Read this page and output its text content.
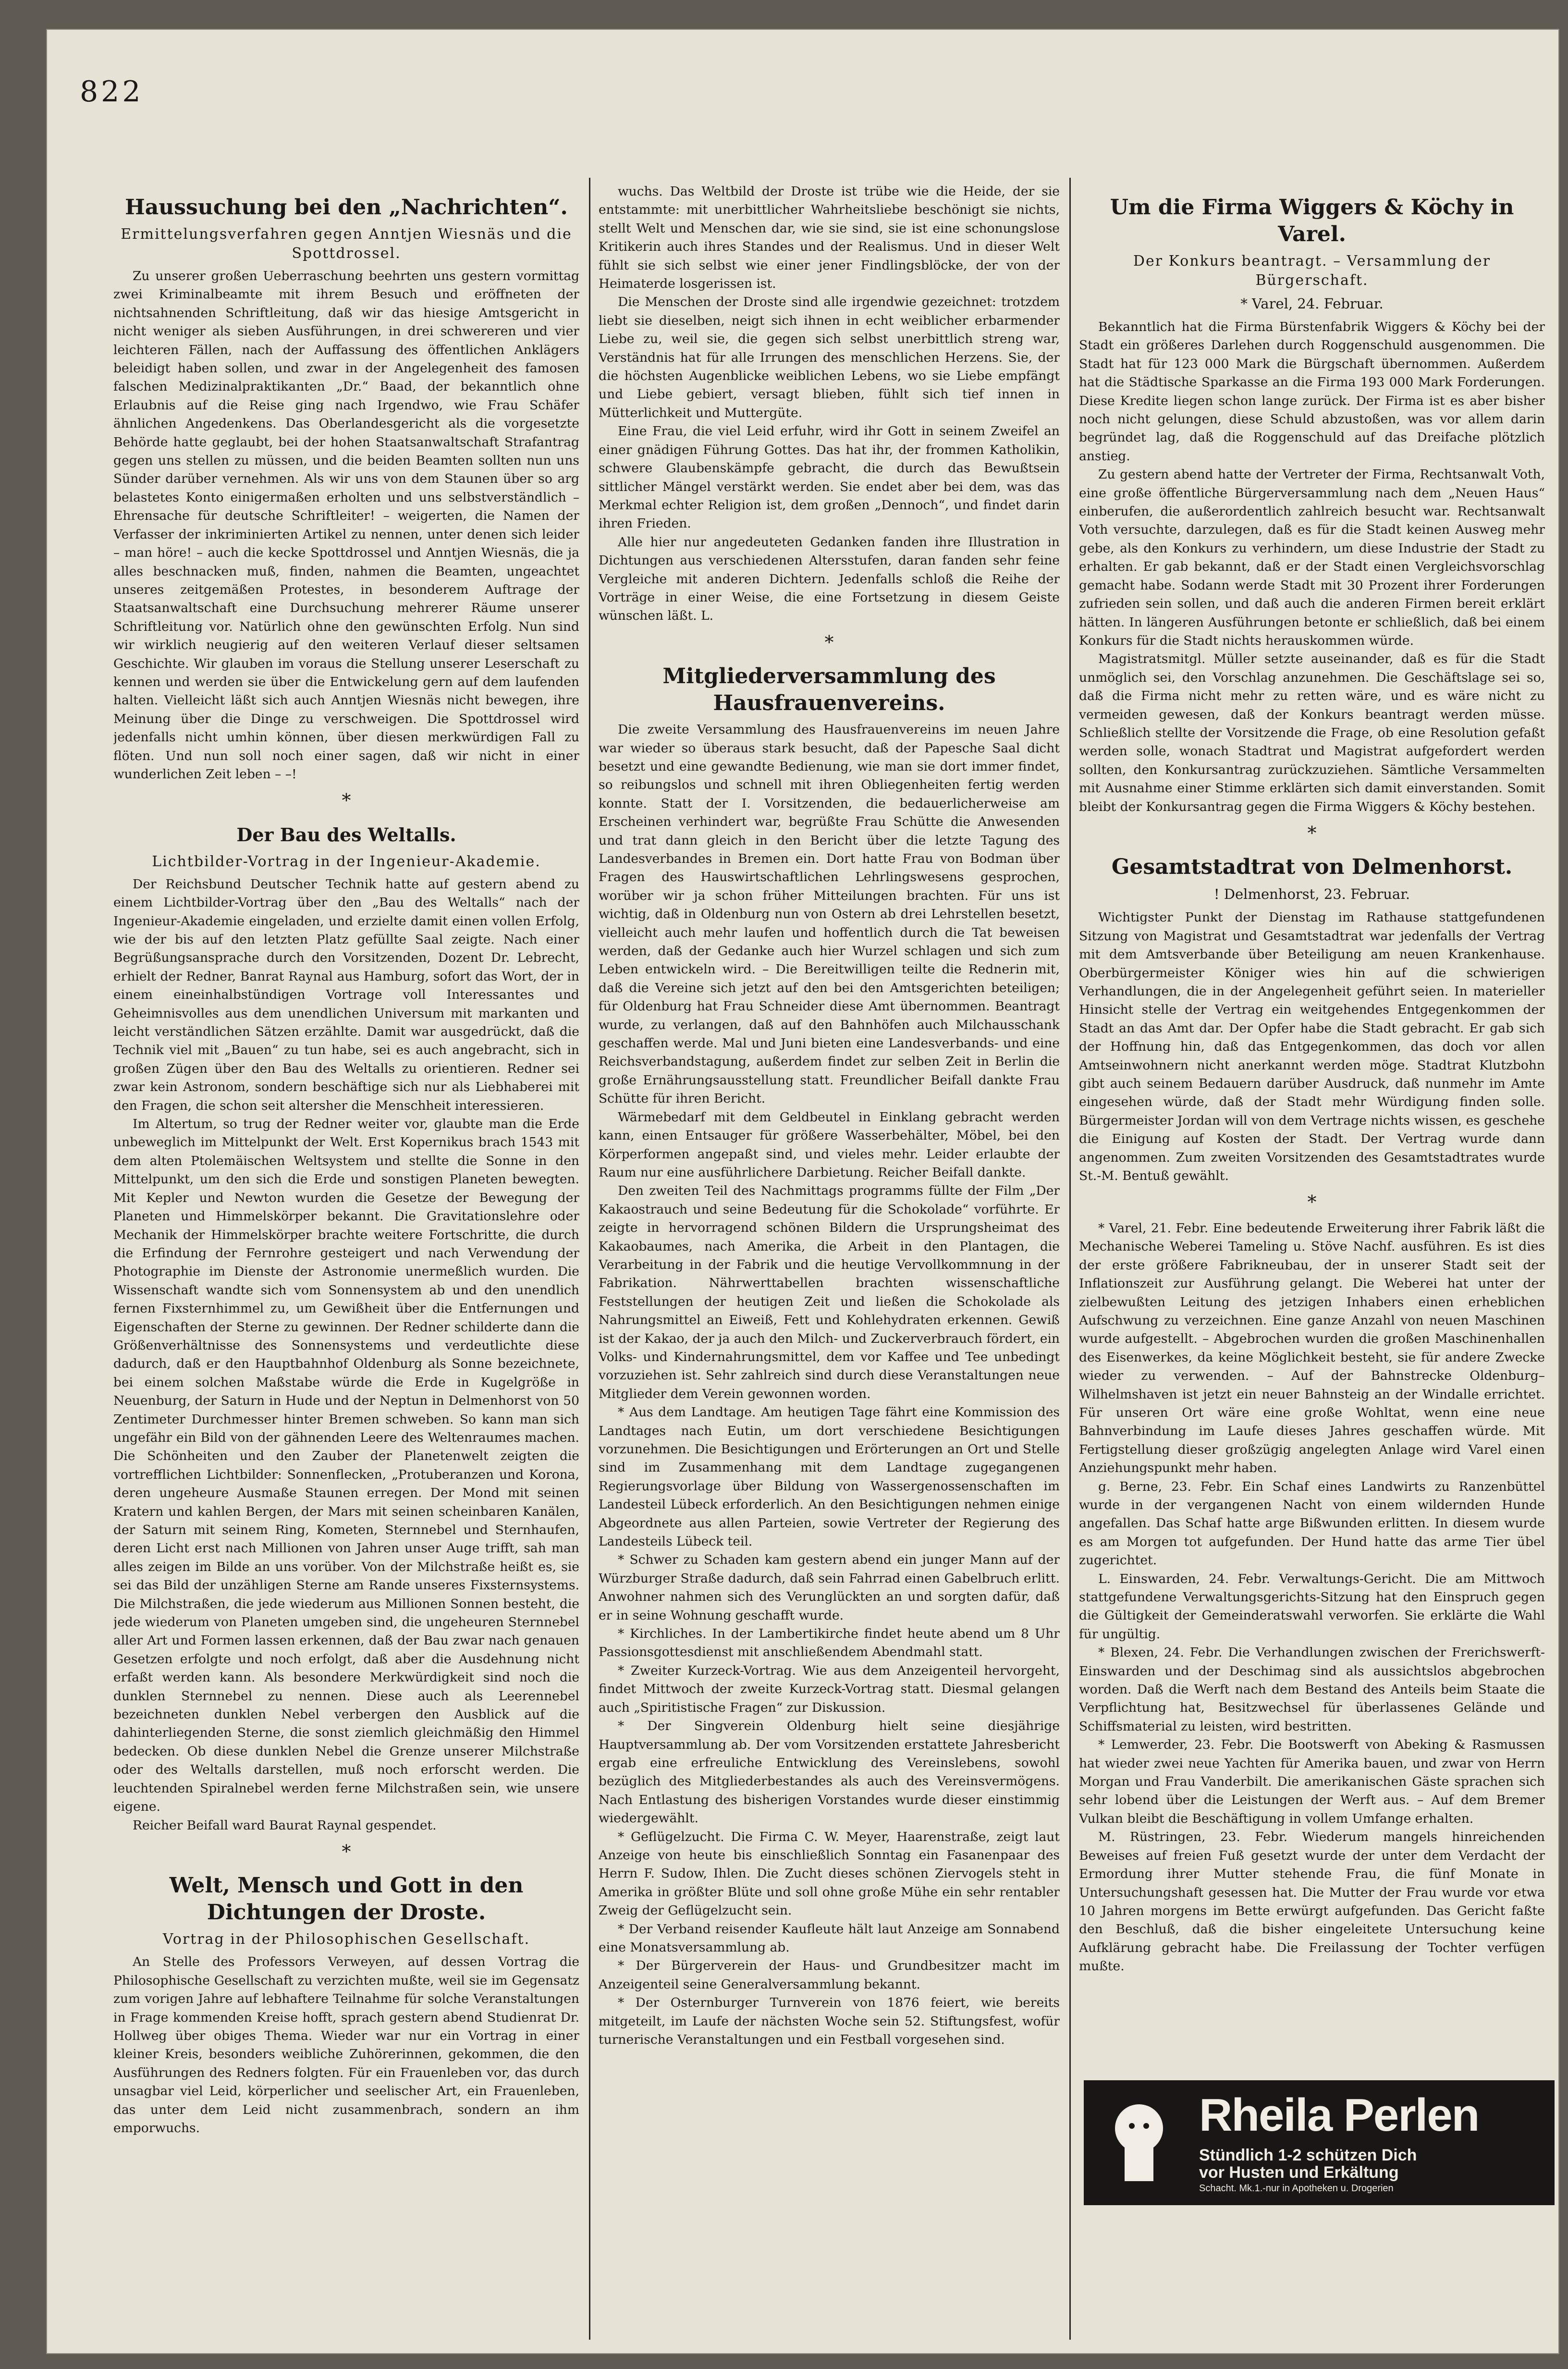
822
Haussuchung bei den „Nachrichten“.
Ermittelungsverfahren gegen Anntjen Wiesnäs und die Spottdrossel.

Zu unserer großen Ueberraschung beehrten uns gestern vormittag zwei Kriminalbeamte mit ihrem Besuch und eröffneten der nichtsahnenden Schriftleitung, daß wir das hiesige Amtsgericht in nicht weniger als sieben Ausführungen, in drei schwereren und vier leichteren Fällen, nach der Auffassung des öffentlichen Anklägers beleidigt haben sollen, und zwar in der Angelegenheit des famosen falschen Medizinalpraktikanten „Dr.“ Baad, der bekanntlich ohne Erlaubnis auf die Reise ging nach Irgendwo, wie Frau Schäfer ähnlichen Angedenkens. Das Oberlandesgericht als die vorgesetzte Behörde hatte geglaubt, bei der hohen Staatsanwaltschaft Strafantrag gegen uns stellen zu müssen, und die beiden Beamten sollten nun uns Sünder darüber vernehmen. Als wir uns von dem Staunen über so arg belastetes Konto einigermaßen erholten und uns selbstverständlich – Ehrensache für deutsche Schriftleiter! – weigerten, die Namen der Verfasser der inkriminierten Artikel zu nennen, unter denen sich leider – man höre! – auch die kecke Spottdrossel und Anntjen Wiesnäs, die ja alles beschnacken muß, finden, nahmen die Beamten, ungeachtet unseres zeitgemäßen Protestes, in besonderem Auftrage der Staatsanwaltschaft eine Durchsuchung mehrerer Räume unserer Schriftleitung vor. Natürlich ohne den gewünschten Erfolg. Nun sind wir wirklich neugierig auf den weiteren Verlauf dieser seltsamen Geschichte. Wir glauben im voraus die Stellung unserer Leserschaft zu kennen und werden sie über die Entwickelung gern auf dem laufenden halten. Vielleicht läßt sich auch Anntjen Wiesnäs nicht bewegen, ihre Meinung über die Dinge zu verschweigen. Die Spottdrossel wird jedenfalls nicht umhin können, über diesen merkwürdigen Fall zu flöten. Und nun soll noch einer sagen, daß wir nicht in einer wunderlichen Zeit leben – –!

*
Der Bau des Weltalls.
Lichtbilder-Vortrag in der Ingenieur-Akademie.

Der Reichsbund Deutscher Technik hatte auf gestern abend zu einem Lichtbilder-Vortrag über den „Bau des Weltalls“ nach der Ingenieur-Akademie eingeladen, und erzielte damit einen vollen Erfolg, wie der bis auf den letzten Platz gefüllte Saal zeigte. Nach einer Begrüßungsansprache durch den Vorsitzenden, Dozent Dr. Lebrecht, erhielt der Redner, Banrat Raynal aus Hamburg, sofort das Wort, der in einem eineinhalbstündigen Vortrage voll Interessantes und Geheimnisvolles aus dem unendlichen Universum mit markanten und leicht verständlichen Sätzen erzählte. Damit war ausgedrückt, daß die Technik viel mit „Bauen“ zu tun habe, sei es auch angebracht, sich in großen Zügen über den Bau des Weltalls zu orientieren. Redner sei zwar kein Astronom, sondern beschäftige sich nur als Liebhaberei mit den Fragen, die schon seit altersher die Menschheit interessieren.

Im Altertum, so trug der Redner weiter vor, glaubte man die Erde unbeweglich im Mittelpunkt der Welt. Erst Kopernikus brach 1543 mit dem alten Ptolemäischen Weltsystem und stellte die Sonne in den Mittelpunkt, um den sich die Erde und sonstigen Planeten bewegten. Mit Kepler und Newton wurden die Gesetze der Bewegung der Planeten und Himmelskörper bekannt. Die Gravitationslehre oder Mechanik der Himmelskörper brachte weitere Fortschritte, die durch die Erfindung der Fernrohre gesteigert und nach Verwendung der Photographie im Dienste der Astronomie unermeßlich wurden. Die Wissenschaft wandte sich vom Sonnensystem ab und den unendlich fernen Fixsternhimmel zu, um Gewißheit über die Entfernungen und Eigenschaften der Sterne zu gewinnen. Der Redner schilderte dann die Größenverhältnisse des Sonnensystems und verdeutlichte diese dadurch, daß er den Hauptbahnhof Oldenburg als Sonne bezeichnete, bei einem solchen Maßstabe würde die Erde in Kugelgröße in Neuenburg, der Saturn in Hude und der Neptun in Delmenhorst von 50 Zentimeter Durchmesser hinter Bremen schweben. So kann man sich ungefähr ein Bild von der gähnenden Leere des Weltenraumes machen. Die Schönheiten und den Zauber der Planetenwelt zeigten die vortrefflichen Lichtbilder: Sonnenflecken, „Protuberanzen und Korona, deren ungeheure Ausmaße Staunen erregen. Der Mond mit seinen Kratern und kahlen Bergen, der Mars mit seinen scheinbaren Kanälen, der Saturn mit seinem Ring, Kometen, Sternnebel und Sternhaufen, deren Licht erst nach Millionen von Jahren unser Auge trifft, sah man alles zeigen im Bilde an uns vorüber. Von der Milchstraße heißt es, sie sei das Bild der unzähligen Sterne am Rande unseres Fixsternsystems. Die Milchstraßen, die jede wiederum aus Millionen Sonnen besteht, die jede wiederum von Planeten umgeben sind, die ungeheuren Sternnebel aller Art und Formen lassen erkennen, daß der Bau zwar nach genauen Gesetzen erfolgte und noch erfolgt, daß aber die Ausdehnung nicht erfaßt werden kann. Als besondere Merkwürdigkeit sind noch die dunklen Sternnebel zu nennen. Diese auch als Leerennebel bezeichneten dunklen Nebel verbergen den Ausblick auf die dahinterliegenden Sterne, die sonst ziemlich gleichmäßig den Himmel bedecken. Ob diese dunklen Nebel die Grenze unserer Milchstraße oder des Weltalls darstellen, muß noch erforscht werden. Die leuchtenden Spiralnebel werden ferne Milchstraßen sein, wie unsere eigene.

Reicher Beifall ward Baurat Raynal gespendet.

*
Welt, Mensch und Gott in den Dichtungen der Droste.
Vortrag in der Philosophischen Gesellschaft.

An Stelle des Professors Verweyen, auf dessen Vortrag die Philosophische Gesellschaft zu verzichten mußte, weil sie im Gegensatz zum vorigen Jahre auf lebhaftere Teilnahme für solche Veranstaltungen in Frage kommenden Kreise hofft, sprach gestern abend Studienrat Dr. Hollweg über obiges Thema. Wieder war nur ein Vortrag in einer kleiner Kreis, besonders weibliche Zuhörerinnen, gekommen, die den Ausführungen des Redners folgten. Für ein Frauenleben vor, das durch unsagbar viel Leid, körperlicher und seelischer Art, ein Frauenleben, das unter dem Leid nicht zusammenbrach, sondern an ihm emporwuchs.

wuchs. Das Weltbild der Droste ist trübe wie die Heide, der sie entstammte: mit unerbittlicher Wahrheitsliebe beschönigt sie nichts, stellt Welt und Menschen dar, wie sie sind, sie ist eine schonungslose Kritikerin auch ihres Standes und der Realismus. Und in dieser Welt fühlt sie sich selbst wie einer jener Findlingsblöcke, der von der Heimaterde losgerissen ist.

Die Menschen der Droste sind alle irgendwie gezeichnet: trotzdem liebt sie dieselben, neigt sich ihnen in echt weiblicher erbarmender Liebe zu, weil sie, die gegen sich selbst unerbittlich streng war, Verständnis hat für alle Irrungen des menschlichen Herzens. Sie, der die höchsten Augenblicke weiblichen Lebens, wo sie Liebe empfängt und Liebe gebiert, versagt blieben, fühlt sich tief innen in Mütterlichkeit und Muttergüte.

Eine Frau, die viel Leid erfuhr, wird ihr Gott in seinem Zweifel an einer gnädigen Führung Gottes. Das hat ihr, der frommen Katholikin, schwere Glaubenskämpfe gebracht, die durch das Bewußtsein sittlicher Mängel verstärkt werden. Sie endet aber bei dem, was das Merkmal echter Religion ist, dem großen „Dennoch“, und findet darin ihren Frieden.

Alle hier nur angedeuteten Gedanken fanden ihre Illustration in Dichtungen aus verschiedenen Altersstufen, daran fanden sehr feine Vergleiche mit anderen Dichtern. Jedenfalls schloß die Reihe der Vorträge in einer Weise, die eine Fortsetzung in diesem Geiste wünschen läßt. L.

*
Mitgliederversammlung des Hausfrauenvereins.

Die zweite Versammlung des Hausfrauenvereins im neuen Jahre war wieder so überaus stark besucht, daß der Papesche Saal dicht besetzt und eine gewandte Bedienung, wie man sie dort immer findet, so reibungslos und schnell mit ihren Obliegenheiten fertig werden konnte. Statt der I. Vorsitzenden, die bedauerlicherweise am Erscheinen verhindert war, begrüßte Frau Schütte die Anwesenden und trat dann gleich in den Bericht über die letzte Tagung des Landesverbandes in Bremen ein. Dort hatte Frau von Bodman über Fragen des Hauswirtschaftlichen Lehrlingswesens gesprochen, worüber wir ja schon früher Mitteilungen brachten. Für uns ist wichtig, daß in Oldenburg nun von Ostern ab drei Lehrstellen besetzt, vielleicht auch mehr laufen und hoffentlich durch die Tat beweisen werden, daß der Gedanke auch hier Wurzel schlagen und sich zum Leben entwickeln wird. – Die Bereitwilligen teilte die Rednerin mit, daß die Vereine sich jetzt auf den bei den Amtsgerichten beteiligen; für Oldenburg hat Frau Schneider diese Amt übernommen. Beantragt wurde, zu verlangen, daß auf den Bahnhöfen auch Milchausschank geschaffen werde. Mal und Juni bieten eine Landesverbands- und eine Reichsverbandstagung, außerdem findet zur selben Zeit in Berlin die große Ernährungsausstellung statt. Freundlicher Beifall dankte Frau Schütte für ihren Bericht.

Wärmebedarf mit dem Geldbeutel in Einklang gebracht werden kann, einen Entsauger für größere Wasserbehälter, Möbel, bei den Körperformen angepaßt sind, und vieles mehr. Leider erlaubte der Raum nur eine ausführlichere Darbietung. Reicher Beifall dankte.

Den zweiten Teil des Nachmittags programms füllte der Film „Der Kakaostrauch und seine Bedeutung für die Schokolade“ vorführte. Er zeigte in hervorragend schönen Bildern die Ursprungsheimat des Kakaobaumes, nach Amerika, die Arbeit in den Plantagen, die Verarbeitung in der Fabrik und die heutige Vervollkommnung in der Fabrikation. Nährwerttabellen brachten wissenschaftliche Feststellungen der heutigen Zeit und ließen die Schokolade als Nahrungsmittel an Eiweiß, Fett und Kohlehydraten erkennen. Gewiß ist der Kakao, der ja auch den Milch- und Zuckerverbrauch fördert, ein Volks- und Kindernahrungsmittel, dem vor Kaffee und Tee unbedingt vorzuziehen ist. Sehr zahlreich sind durch diese Veranstaltungen neue Mitglieder dem Verein gewonnen worden.

* Aus dem Landtage. Am heutigen Tage fährt eine Kommission des Landtages nach Eutin, um dort verschiedene Besichtigungen vorzunehmen. Die Besichtigungen und Erörterungen an Ort und Stelle sind im Zusammenhang mit dem Landtage zugegangenen Regierungsvorlage über Bildung von Wassergenossenschaften im Landesteil Lübeck erforderlich. An den Besichtigungen nehmen einige Abgeordnete aus allen Parteien, sowie Vertreter der Regierung des Landesteils Lübeck teil.

* Schwer zu Schaden kam gestern abend ein junger Mann auf der Würzburger Straße dadurch, daß sein Fahrrad einen Gabelbruch erlitt. Anwohner nahmen sich des Verunglückten an und sorgten dafür, daß er in seine Wohnung geschafft wurde.

* Kirchliches. In der Lambertikirche findet heute abend um 8 Uhr Passionsgottesdienst mit anschließendem Abendmahl statt.

* Zweiter Kurzeck-Vortrag. Wie aus dem Anzeigenteil hervorgeht, findet Mittwoch der zweite Kurzeck-Vortrag statt. Diesmal gelangen auch „Spiritistische Fragen“ zur Diskussion.

* Der Singverein Oldenburg hielt seine diesjährige Hauptversammlung ab. Der vom Vorsitzenden erstattete Jahresbericht ergab eine erfreuliche Entwicklung des Vereinslebens, sowohl bezüglich des Mitgliederbestandes als auch des Vereinsvermögens. Nach Entlastung des bisherigen Vorstandes wurde dieser einstimmig wiedergewählt.

* Geflügelzucht. Die Firma C. W. Meyer, Haarenstraße, zeigt laut Anzeige von heute bis einschließlich Sonntag ein Fasanenpaar des Herrn F. Sudow, Ihlen. Die Zucht dieses schönen Ziervogels steht in Amerika in größter Blüte und soll ohne große Mühe ein sehr rentabler Zweig der Geflügelzucht sein.

* Der Verband reisender Kaufleute hält laut Anzeige am Sonnabend eine Monatsversammlung ab.

* Der Bürgerverein der Haus- und Grundbesitzer macht im Anzeigenteil seine Generalversammlung bekannt.

* Der Osternburger Turnverein von 1876 feiert, wie bereits mitgeteilt, im Laufe der nächsten Woche sein 52. Stiftungsfest, wofür turnerische Veranstaltungen und ein Festball vorgesehen sind.

Um die Firma Wiggers & Köchy in Varel.
Der Konkurs beantragt. – Versammlung der Bürgerschaft.
* Varel, 24. Februar.

Bekanntlich hat die Firma Bürstenfabrik Wiggers & Köchy bei der Stadt ein größeres Darlehen durch Roggenschuld ausgenommen. Die Stadt hat für 123 000 Mark die Bürgschaft übernommen. Außerdem hat die Städtische Sparkasse an die Firma 193 000 Mark Forderungen. Diese Kredite liegen schon lange zurück. Der Firma ist es aber bisher noch nicht gelungen, diese Schuld abzustoßen, was vor allem darin begründet lag, daß die Roggenschuld auf das Dreifache plötzlich anstieg.

Zu gestern abend hatte der Vertreter der Firma, Rechtsanwalt Voth, eine große öffentliche Bürgerversammlung nach dem „Neuen Haus“ einberufen, die außerordentlich zahlreich besucht war. Rechtsanwalt Voth versuchte, darzulegen, daß es für die Stadt keinen Ausweg mehr gebe, als den Konkurs zu verhindern, um diese Industrie der Stadt zu erhalten. Er gab bekannt, daß er der Stadt einen Vergleichsvorschlag gemacht habe. Sodann werde Stadt mit 30 Prozent ihrer Forderungen zufrieden sein sollen, und daß auch die anderen Firmen bereit erklärt hätten. In längeren Ausführungen betonte er schließlich, daß bei einem Konkurs für die Stadt nichts herauskommen würde.

Magistratsmitgl. Müller setzte auseinander, daß es für die Stadt unmöglich sei, den Vorschlag anzunehmen. Die Geschäftslage sei so, daß die Firma nicht mehr zu retten wäre, und es wäre nicht zu vermeiden gewesen, daß der Konkurs beantragt werden müsse. Schließlich stellte der Vorsitzende die Frage, ob eine Resolution gefaßt werden solle, wonach Stadtrat und Magistrat aufgefordert werden sollten, den Konkursantrag zurückzuziehen. Sämtliche Versammelten mit Ausnahme einer Stimme erklärten sich damit einverstanden. Somit bleibt der Konkursantrag gegen die Firma Wiggers & Köchy bestehen.

*
Gesamtstadtrat von Delmenhorst.
! Delmenhorst, 23. Februar.

Wichtigster Punkt der Dienstag im Rathause stattgefundenen Sitzung von Magistrat und Gesamtstadtrat war jedenfalls der Vertrag mit dem Amtsverbande über Beteiligung am neuen Krankenhause. Oberbürgermeister Königer wies hin auf die schwierigen Verhandlungen, die in der Angelegenheit geführt seien. In materieller Hinsicht stelle der Vertrag ein weitgehendes Entgegenkommen der Stadt an das Amt dar. Der Opfer habe die Stadt gebracht. Er gab sich der Hoffnung hin, daß das Entgegenkommen, das doch vor allen Amtseinwohnern nicht anerkannt werden möge. Stadtrat Klutzbohn gibt auch seinem Bedauern darüber Ausdruck, daß nunmehr im Amte eingesehen würde, daß der Stadt mehr Würdigung finden solle. Bürgermeister Jordan will von dem Vertrage nichts wissen, es geschehe die Einigung auf Kosten der Stadt. Der Vertrag wurde dann angenommen. Zum zweiten Vorsitzenden des Gesamtstadtrates wurde St.-M. Bentuß gewählt.

*

* Varel, 21. Febr. Eine bedeutende Erweiterung ihrer Fabrik läßt die Mechanische Weberei Tameling u. Stöve Nachf. ausführen. Es ist dies der erste größere Fabrikneubau, der in unserer Stadt seit der Inflationszeit zur Ausführung gelangt. Die Weberei hat unter der zielbewußten Leitung des jetzigen Inhabers einen erheblichen Aufschwung zu verzeichnen. Eine ganze Anzahl von neuen Maschinen wurde aufgestellt. – Abgebrochen wurden die großen Maschinenhallen des Eisenwerkes, da keine Möglichkeit besteht, sie für andere Zwecke wieder zu verwenden. – Auf der Bahnstrecke Oldenburg–Wilhelmshaven ist jetzt ein neuer Bahnsteig an der Windalle errichtet. Für unseren Ort wäre eine große Wohltat, wenn eine neue Bahnverbindung im Laufe dieses Jahres geschaffen würde. Mit Fertigstellung dieser großzügig angelegten Anlage wird Varel einen Anziehungspunkt mehr haben.

g. Berne, 23. Febr. Ein Schaf eines Landwirts zu Ranzenbüttel wurde in der vergangenen Nacht von einem wildernden Hunde angefallen. Das Schaf hatte arge Bißwunden erlitten. In diesem wurde es am Morgen tot aufgefunden. Der Hund hatte das arme Tier übel zugerichtet.

L. Einswarden, 24. Febr. Verwaltungs-Gericht. Die am Mittwoch stattgefundene Verwaltungsgerichts-Sitzung hat den Einspruch gegen die Gültigkeit der Gemeinderatswahl verworfen. Sie erklärte die Wahl für ungültig.

* Blexen, 24. Febr. Die Verhandlungen zwischen der Frerichswerft-Einswarden und der Deschimag sind als aussichtslos abgebrochen worden. Daß die Werft nach dem Bestand des Anteils beim Staate die Verpflichtung hat, Besitzwechsel für überlassenes Gelände und Schiffsmaterial zu leisten, wird bestritten.

* Lemwerder, 23. Febr. Die Bootswerft von Abeking & Rasmussen hat wieder zwei neue Yachten für Amerika bauen, und zwar von Herrn Morgan und Frau Vanderbilt. Die amerikanischen Gäste sprachen sich sehr lobend über die Leistungen der Werft aus. – Auf dem Bremer Vulkan bleibt die Beschäftigung in vollem Umfange erhalten.

M. Rüstringen, 23. Febr. Wiederum mangels hinreichenden Beweises auf freien Fuß gesetzt wurde der unter dem Verdacht der Ermordung ihrer Mutter stehende Frau, die fünf Monate in Untersuchungshaft gesessen hat. Die Mutter der Frau wurde vor etwa 10 Jahren morgens im Bette erwürgt aufgefunden. Das Gericht faßte den Beschluß, daß die bisher eingeleitete Untersuchung keine Aufklärung gebracht habe. Die Freilassung der Tochter verfügen mußte.

Rheila Perlen
Stündlich 1-2 schützen Dich
vor Husten und Erkältung
Schacht. Mk.1.-nur in Apotheken u. Drogerien
